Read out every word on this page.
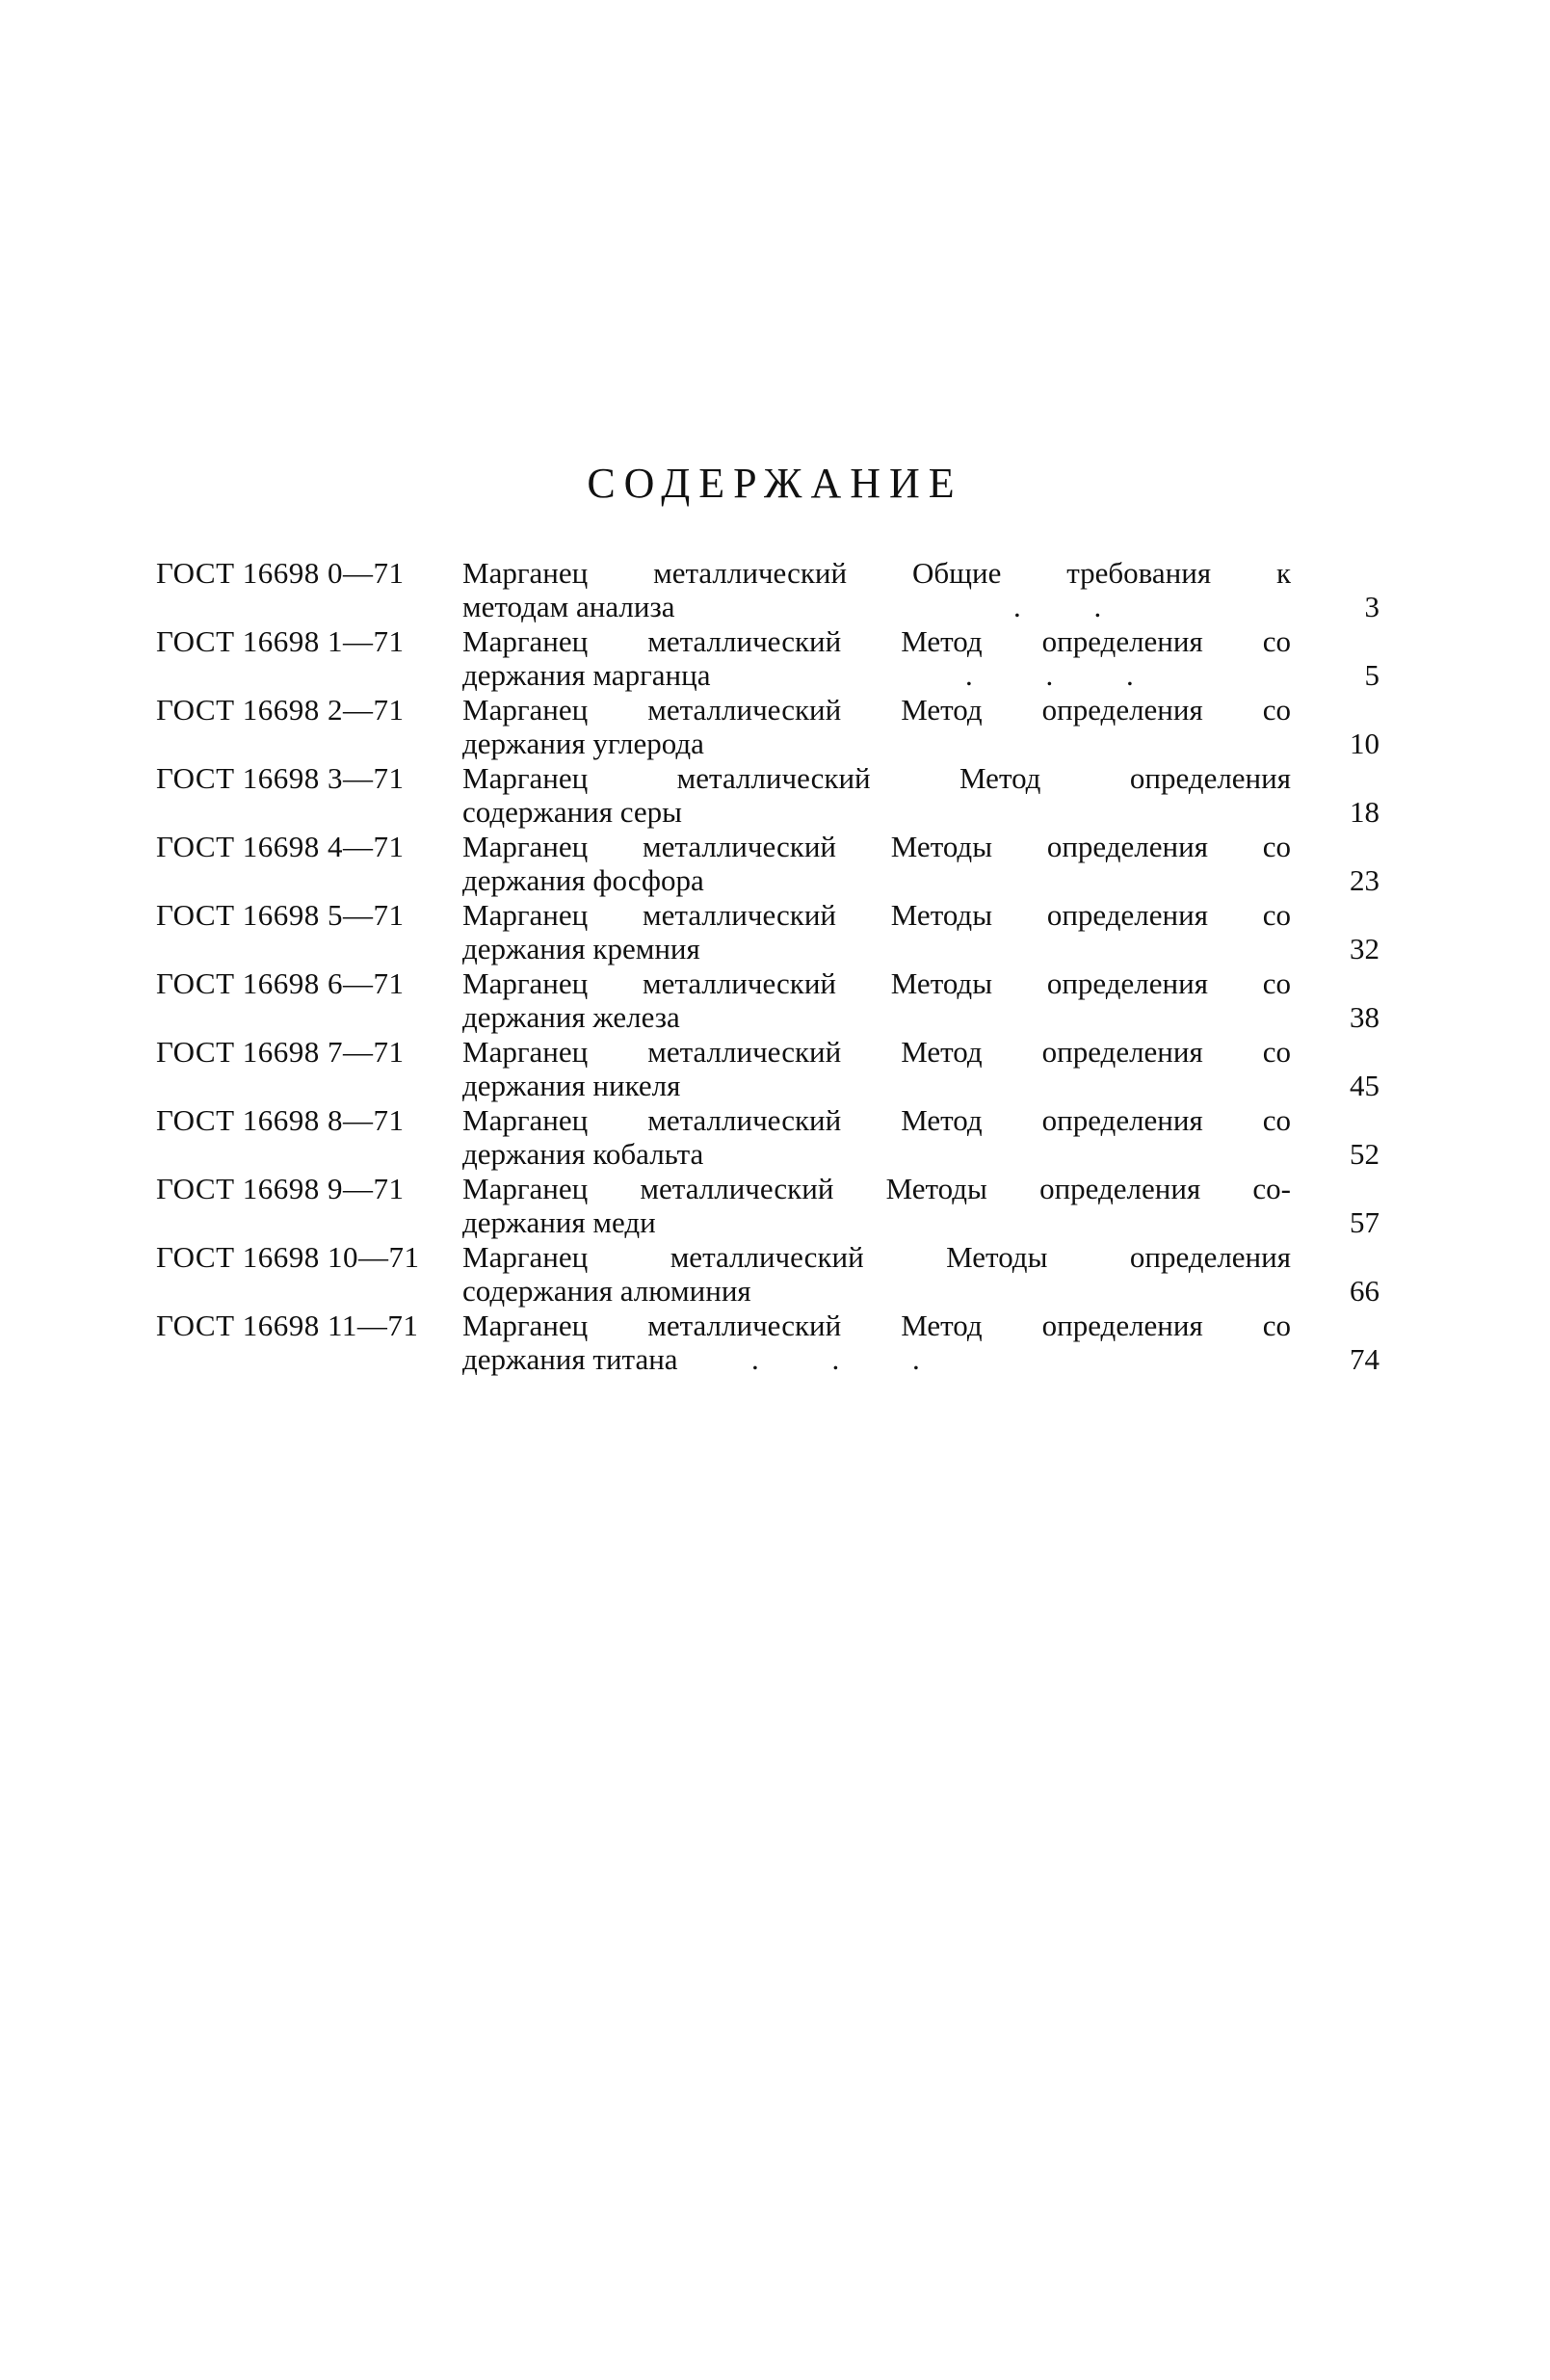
СОДЕРЖАНИЕ
ГОСТ 16698 0—71 Марганец металлический Общие требования к
методам анализа	. .	3
ГОСТ 16698 1—71 Марганец металлический Метод определения со
держания марганца	. . .	5
ГОСТ 16698 2—71 Марганец металлический Метод определения со
держания углерода	10
ГОСТ 16698 3—71 Марганец металлический Метод определения
содержания серы	18
ГОСТ 16698 4—71 Марганец металлический Методы определения со
держания фосфора	23
ГОСТ 16698 5—71 Марганец металлический Методы определения со
держания кремния	32
ГОСТ 16698 6—71 Марганец металлический Методы определения со
держания железа	38
ГОСТ 16698 7—71 Марганец металлический Метод определения со
держания никеля	45
ГОСТ 16698 8—71 Марганец металлический Метод определения со
держания кобальта	52
ГОСТ 16698 9—71 Марганец металлический Методы определения со-
держания меди	57
ГОСТ 16698 10—71 Марганец металлический Методы определения
содержания алюминия	66
ГОСТ 16698 11—71 Марганец металлический Метод определения со
держания титана . . .	74
